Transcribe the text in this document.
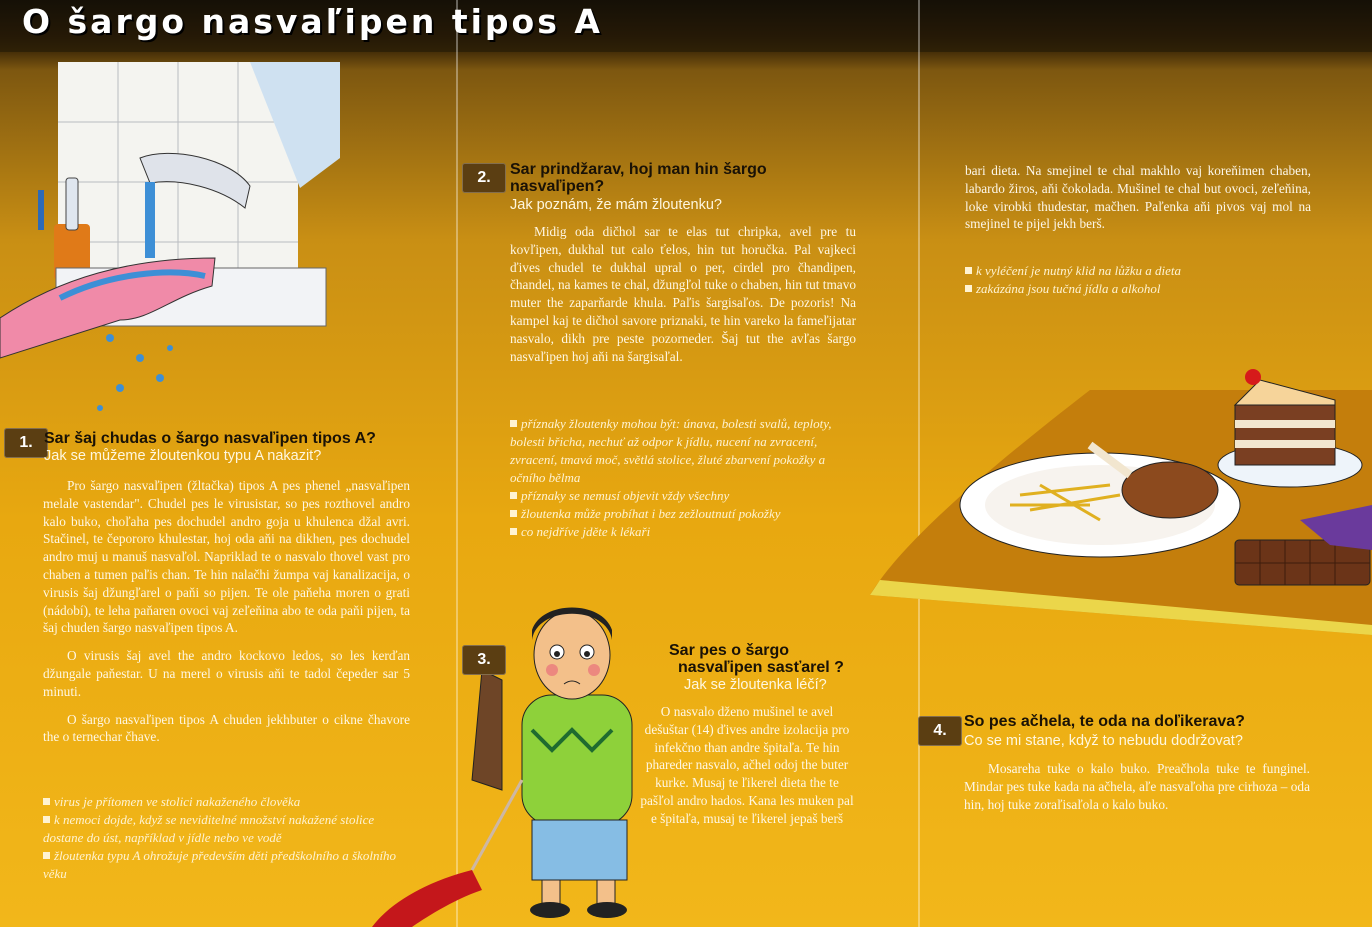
O šargo nasvaľipen tipos A
1. Sar šaj chudas o šargo nasvaľipen tipos A?
Jak se můžeme žloutenkou typu A nakazit?

Pro šargo nasvaľipen (žltačka) tipos A pes phenel „nasvaľipen melale vastendar". Chudel pes le virusistar, so pes rozthovel andro kalo buko, choľaha pes dochudel andro goja u khulenca džal avri. Stačinel, te čepororo khulestar, hoj oda aňi na dikhen, pes dochudel andro muj u manuš nasvaľol. Napriklad te o nasvalo thovel vast pro chaben a tumen paľis chan. Te hin nalačhi žumpa vaj kanalizacija, o virusis šaj džungľarel o paňi so pijen. Te ole paňeha moren o grati (nádobí), te leha paňaren ovoci vaj zeľeňina abo te oda paňi pijen, ta šaj chuden šargo nasvaľipen tipos A.

O virusis šaj avel the andro kockovo ledos, so les kerďan džungale paňestar. U na merel o virusis aňi te tadol čepeder sar 5 minuti.

O šargo nasvaľipen tipos A chuden jekhbuter o cikne čhavore the o ternechar čhave.

virus je přítomen ve stolici nakaženého člověka
k nemoci dojde, když se neviditelné množství nakažené stolice dostane do úst, například v jídle nebo ve vodě
žloutenka typu A ohrožuje především děti předškolního a školního věku
2.	Sar prindžarav, hoj man hin šargo nasvaľipen?
Jak poznám, že mám žloutenku?

Midig oda dičhol sar te elas tut chripka, avel pre tu kovľipen, dukhal tut calo ťelos, hin tut horučka. Pal vajkeci ďives chudel te dukhal upral o per, cirdel pro čhandipen, čhandel, na kames te chal, džungľol tuke o chaben, hin tut tmavo muter the zaparňarde khula. Paľis šargisaľos. De pozoris! Na kampel kaj te dičhol savore priznaki, te hin vareko la fameľijatar nasvalo, dikh pre peste pozorneder. Šaj tut the avľas šargo nasvaľipen hoj aňi na šargisaľal.

příznaky žloutenky mohou být: únava, bolesti svalů, teploty, bolesti břicha, nechuť až odpor k jídlu, nucení na zvracení, zvracení, tmavá moč, světlá stolice, žluté zbarvení pokožky a očního bělma
příznaky se nemusí objevit vždy všechny
žloutenka může probíhat i bez zežloutnutí pokožky
co nejdříve jděte k lékaři
3.
Sar pes o šargo
nasvaľipen sasťarel ?
Jak se žloutenka léčí?

O nasvalo dženo mušinel te avel dešuštar (14) ďives andre izolacija pro infekčno than andre špitaľa. Te hin phareder nasvalo, ačhel odoj the buter kurke. Musaj te ľikerel dieta the te pašľol andro hados. Kana les muken pal e špitaľa, musaj te ľikerel jepaš berš

bari dieta. Na smejinel te chal makhlo vaj koreňimen chaben, labardo žiros, aňi čokolada. Mušinel te chal but ovoci, zeľeňina, loke virobki thudestar, mačhen. Paľenka aňi pivos vaj mol na smejinel te pijel jekh berš.

k vyléčení je nutný klid na lůžku a dieta
zakázána jsou tučná jídla a alkohol
4.
So pes ačhela, te oda na doľikerava?
Co se mi stane, když to nebudu dodržovat?

Mosareha tuke o kalo buko. Preačhola tuke te funginel. Mindar pes tuke kada na ačhela, aľe nasvaľoha pre cirhoza – oda hin, hoj tuke zoraľisaľola o kalo buko.
